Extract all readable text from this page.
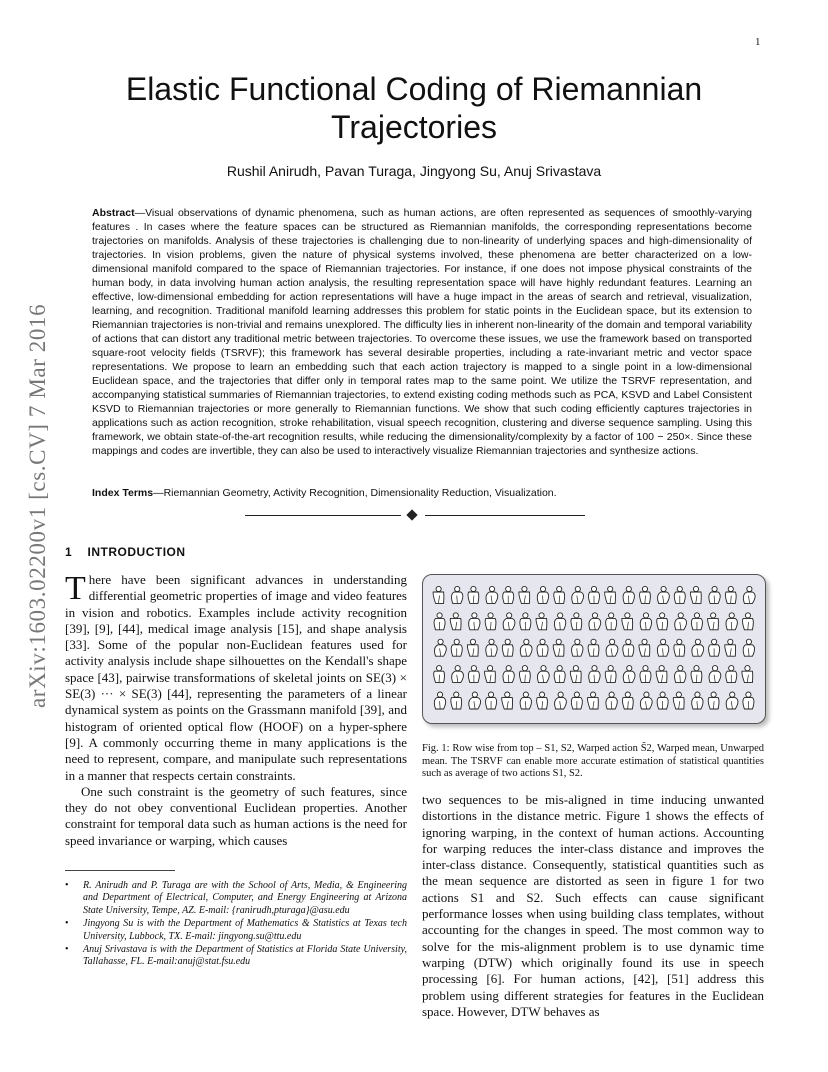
1
arXiv:1603.02200v1 [cs.CV] 7 Mar 2016
Elastic Functional Coding of Riemannian Trajectories
Rushil Anirudh, Pavan Turaga, Jingyong Su, Anuj Srivastava
Abstract—Visual observations of dynamic phenomena, such as human actions, are often represented as sequences of smoothly-varying features . In cases where the feature spaces can be structured as Riemannian manifolds, the corresponding representations become trajectories on manifolds. Analysis of these trajectories is challenging due to non-linearity of underlying spaces and high-dimensionality of trajectories. In vision problems, given the nature of physical systems involved, these phenomena are better characterized on a low-dimensional manifold compared to the space of Riemannian trajectories. For instance, if one does not impose physical constraints of the human body, in data involving human action analysis, the resulting representation space will have highly redundant features. Learning an effective, low-dimensional embedding for action representations will have a huge impact in the areas of search and retrieval, visualization, learning, and recognition. Traditional manifold learning addresses this problem for static points in the Euclidean space, but its extension to Riemannian trajectories is non-trivial and remains unexplored. The difficulty lies in inherent non-linearity of the domain and temporal variability of actions that can distort any traditional metric between trajectories. To overcome these issues, we use the framework based on transported square-root velocity fields (TSRVF); this framework has several desirable properties, including a rate-invariant metric and vector space representations. We propose to learn an embedding such that each action trajectory is mapped to a single point in a low-dimensional Euclidean space, and the trajectories that differ only in temporal rates map to the same point. We utilize the TSRVF representation, and accompanying statistical summaries of Riemannian trajectories, to extend existing coding methods such as PCA, KSVD and Label Consistent KSVD to Riemannian trajectories or more generally to Riemannian functions. We show that such coding efficiently captures trajectories in applications such as action recognition, stroke rehabilitation, visual speech recognition, clustering and diverse sequence sampling. Using this framework, we obtain state-of-the-art recognition results, while reducing the dimensionality/complexity by a factor of 100 − 250×. Since these mappings and codes are invertible, they can also be used to interactively visualize Riemannian trajectories and synthesize actions.
Index Terms—Riemannian Geometry, Activity Recognition, Dimensionality Reduction, Visualization.
1 INTRODUCTION

There have been significant advances in understanding differential geometric properties of image and video features in vision and robotics. Examples include activity recognition [39], [9], [44], medical image analysis [15], and shape analysis [33]. Some of the popular non-Euclidean features used for activity analysis include shape silhouettes on the Kendall's shape space [43], pairwise transformations of skeletal joints on SE(3) × SE(3) ··· × SE(3) [44], representing the parameters of a linear dynamical system as points on the Grassmann manifold [39], and histogram of oriented optical flow (HOOF) on a hyper-sphere [9]. A commonly occurring theme in many applications is the need to represent, compare, and manipulate such representations in a manner that respects certain constraints.

One such constraint is the geometry of such features, since they do not obey conventional Euclidean properties. Another constraint for temporal data such as human actions is the need for speed invariance or warping, which causes

• R. Anirudh and P. Turaga are with the School of Arts, Media, & Engineering and Department of Electrical, Computer, and Energy Engineering at Arizona State University, Tempe, AZ. E-mail: {ranirudh,pturaga}@asu.edu
• Jingyong Su is with the Department of Mathematics & Statistics at Texas tech University, Lubbock, TX. E-mail: jingyong.su@ttu.edu
• Anuj Srivastava is with the Department of Statistics at Florida State University, Tallahasse, FL. E-mail:anuj@stat.fsu.edu
Fig. 1: Row wise from top – S1, S2, Warped action S̃2, Warped mean, Unwarped mean. The TSRVF can enable more accurate estimation of statistical quantities such as average of two actions S1, S2.

two sequences to be mis-aligned in time inducing unwanted distortions in the distance metric. Figure 1 shows the effects of ignoring warping, in the context of human actions. Accounting for warping reduces the inter-class distance and improves the inter-class distance. Consequently, statistical quantities such as the mean sequence are distorted as seen in figure 1 for two actions S1 and S2. Such effects can cause significant performance losses when using building class templates, without accounting for the changes in speed. The most common way to solve for the mis-alignment problem is to use dynamic time warping (DTW) which originally found its use in speech processing [6]. For human actions, [42], [51] address this problem using different strategies for features in the Euclidean space. However, DTW behaves as
